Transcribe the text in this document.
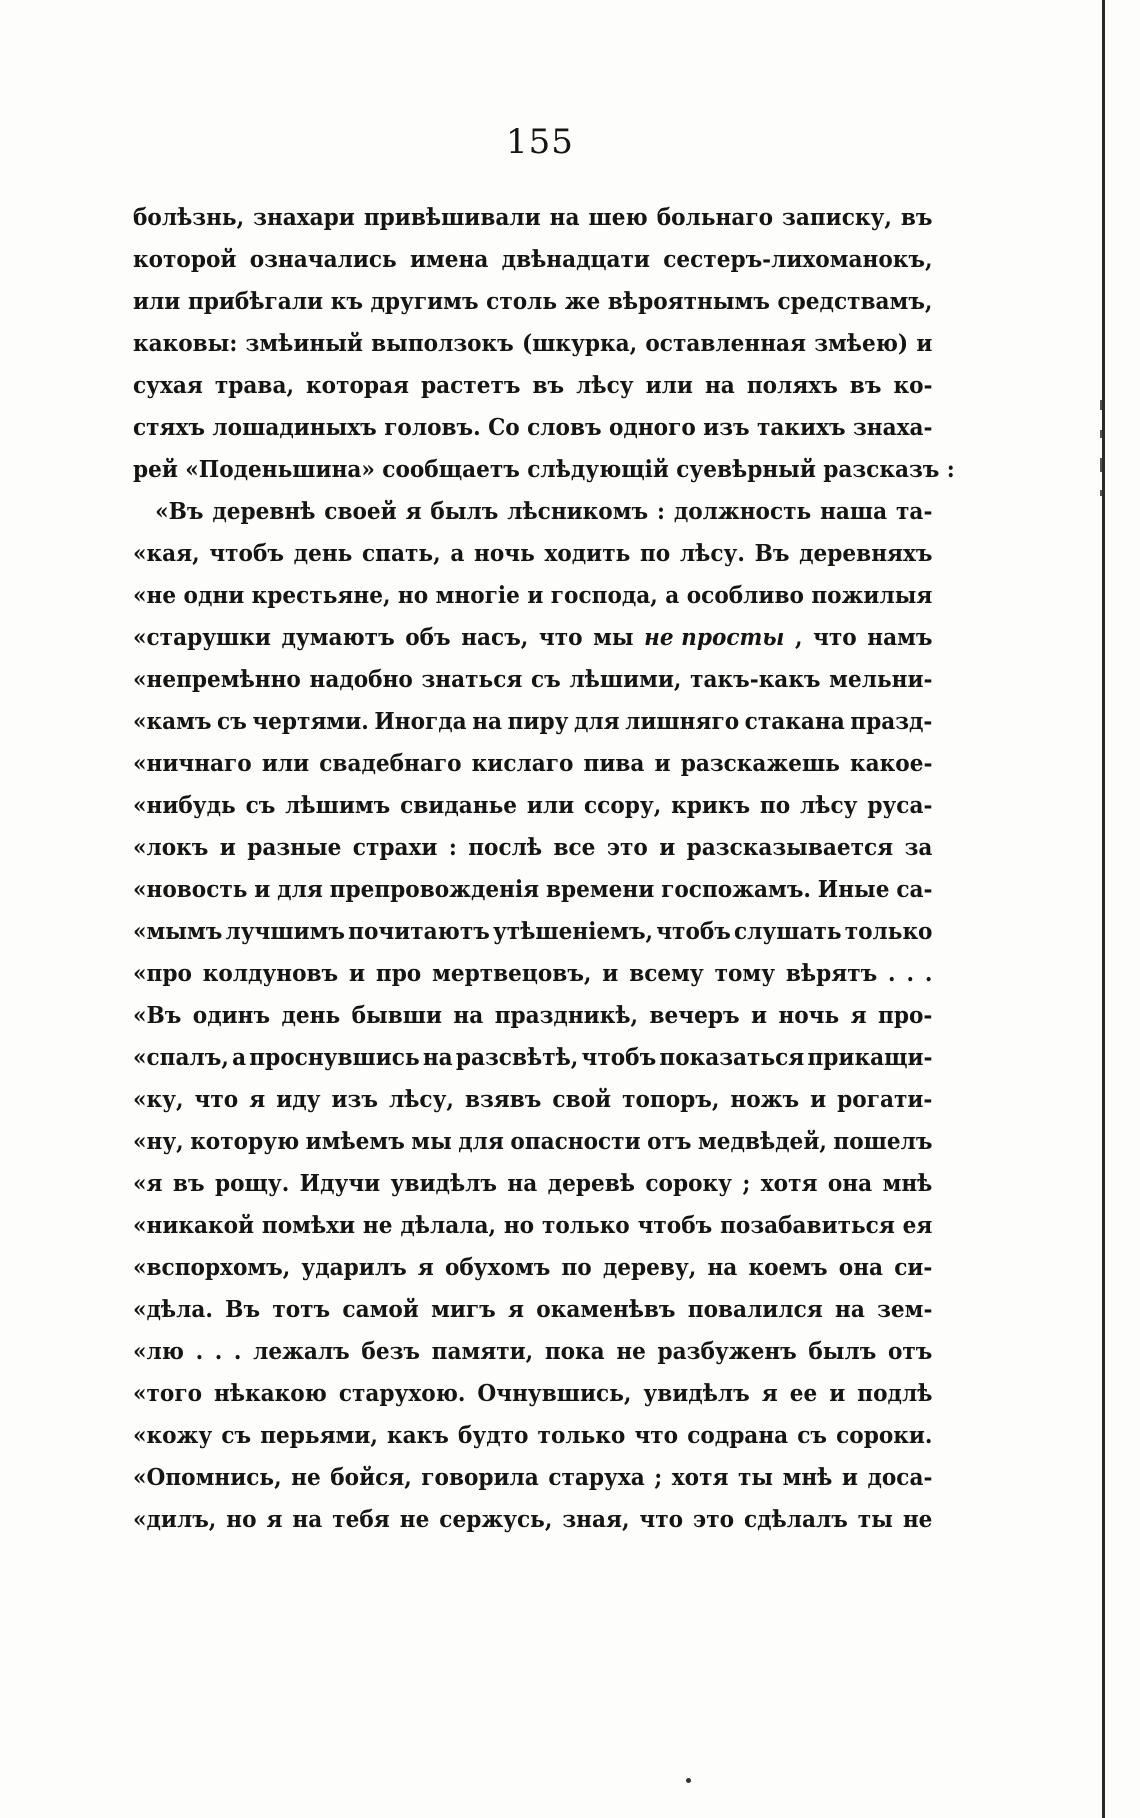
155
болѣзнь, знахари привѣшивали на шею больнаго записку, въ
которой означались имена двѣнадцати сестеръ-лихоманокъ,
или прибѣгали къ другимъ столь же вѣроятнымъ средствамъ,
каковы: змѣиный выползокъ (шкурка, оставленная змѣею) и
сухая трава, которая растетъ въ лѣсу или на поляхъ въ ко-
стяхъ лошадиныхъ головъ. Со словъ одного изъ такихъ знаха-
рей «Поденьшина» сообщаетъ слѣдующій суевѣрный разсказъ :
«Въ деревнѣ своей я былъ лѣсникомъ : должность наша та-
«кая, чтобъ день спать, а ночь ходить по лѣсу. Въ деревняхъ
«не одни крестьяне, но многіе и господа, а особливо пожилыя
«старушки думаютъ объ насъ, что мы не просты , что намъ
«непремѣнно надобно знаться съ лѣшими, такъ-какъ мельни-
«камъ съ чертями. Иногда на пиру для лишняго стакана празд-
«ничнаго или свадебнаго кислаго пива и разскажешь какое-
«нибудь съ лѣшимъ свиданье или ссору, крикъ по лѣсу руса-
«локъ и разные страхи : послѣ все это и разсказывается за
«новость и для препровожденія времени госпожамъ. Иные са-
«мымъ лучшимъ почитаютъ утѣшеніемъ, чтобъ слушать только
«про колдуновъ и про мертвецовъ, и всему тому вѣрятъ . . .
«Въ одинъ день бывши на праздникѣ, вечеръ и ночь я про-
«спалъ, а проснувшись на разсвѣтѣ, чтобъ показаться прикащи-
«ку, что я иду изъ лѣсу, взявъ свой топоръ, ножъ и рогати-
«ну, которую имѣемъ мы для опасности отъ медвѣдей, пошелъ
«я въ рощу. Идучи увидѣлъ на деревѣ сороку ; хотя она мнѣ
«никакой помѣхи не дѣлала, но только чтобъ позабавиться ея
«вспорхомъ, ударилъ я обухомъ по дереву, на коемъ она си-
«дѣла. Въ тотъ самой мигъ я окаменѣвъ повалился на зем-
«лю . . . лежалъ безъ памяти, пока не разбуженъ былъ отъ
«того нѣкакою старухою. Очнувшись, увидѣлъ я ее и подлѣ
«кожу съ перьями, какъ будто только что содрана съ сороки.
«Опомнись, не бойся, говорила старуха ; хотя ты мнѣ и доса-
«дилъ, но я на тебя не сержусь, зная, что это сдѣлалъ ты не
